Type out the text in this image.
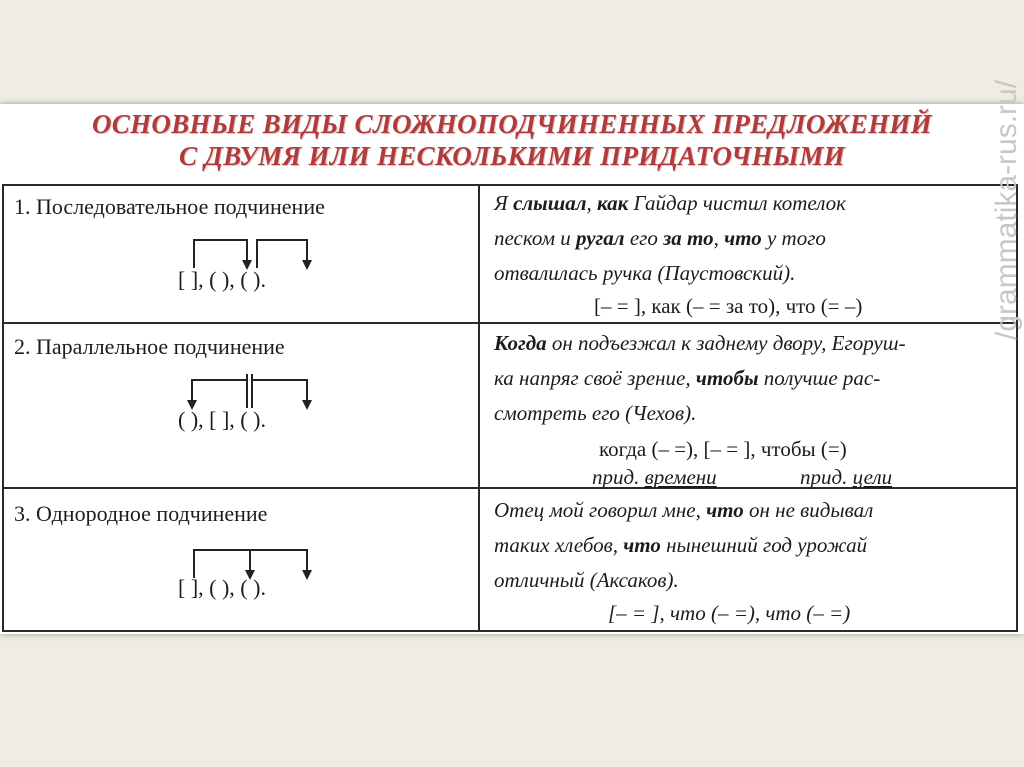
ОСНОВНЫЕ ВИДЫ СЛОЖНОПОДЧИНЕННЫХ ПРЕДЛОЖЕНИЙ
С ДВУМЯ ИЛИ НЕСКОЛЬКИМИ ПРИДАТОЧНЫМИ
1. Последовательное подчинение
[ ], ( ), ( ).
Я слышал, как Гайдар чистил котелок
песком и ругал его за то, что у того
отвалилась ручка (Паустовский).
[– = ], как (– = за то), что (= –)
2. Параллельное подчинение
( ), [ ], ( ).
Когда он подъезжал к заднему двору, Егоруш-
ка напряг своё зрение, чтобы получше рас-
смотреть его (Чехов).
когда (– =), [– = ], чтобы (=)
прид. времени	прид. цели
3. Однородное подчинение
[ ], ( ), ( ).
Отец мой говорил мне, что он не видывал
таких хлебов, что нынешний год урожай
отличный (Аксаков).
[– = ], что (– =), что (– =)
/grammatika-rus.ru/
